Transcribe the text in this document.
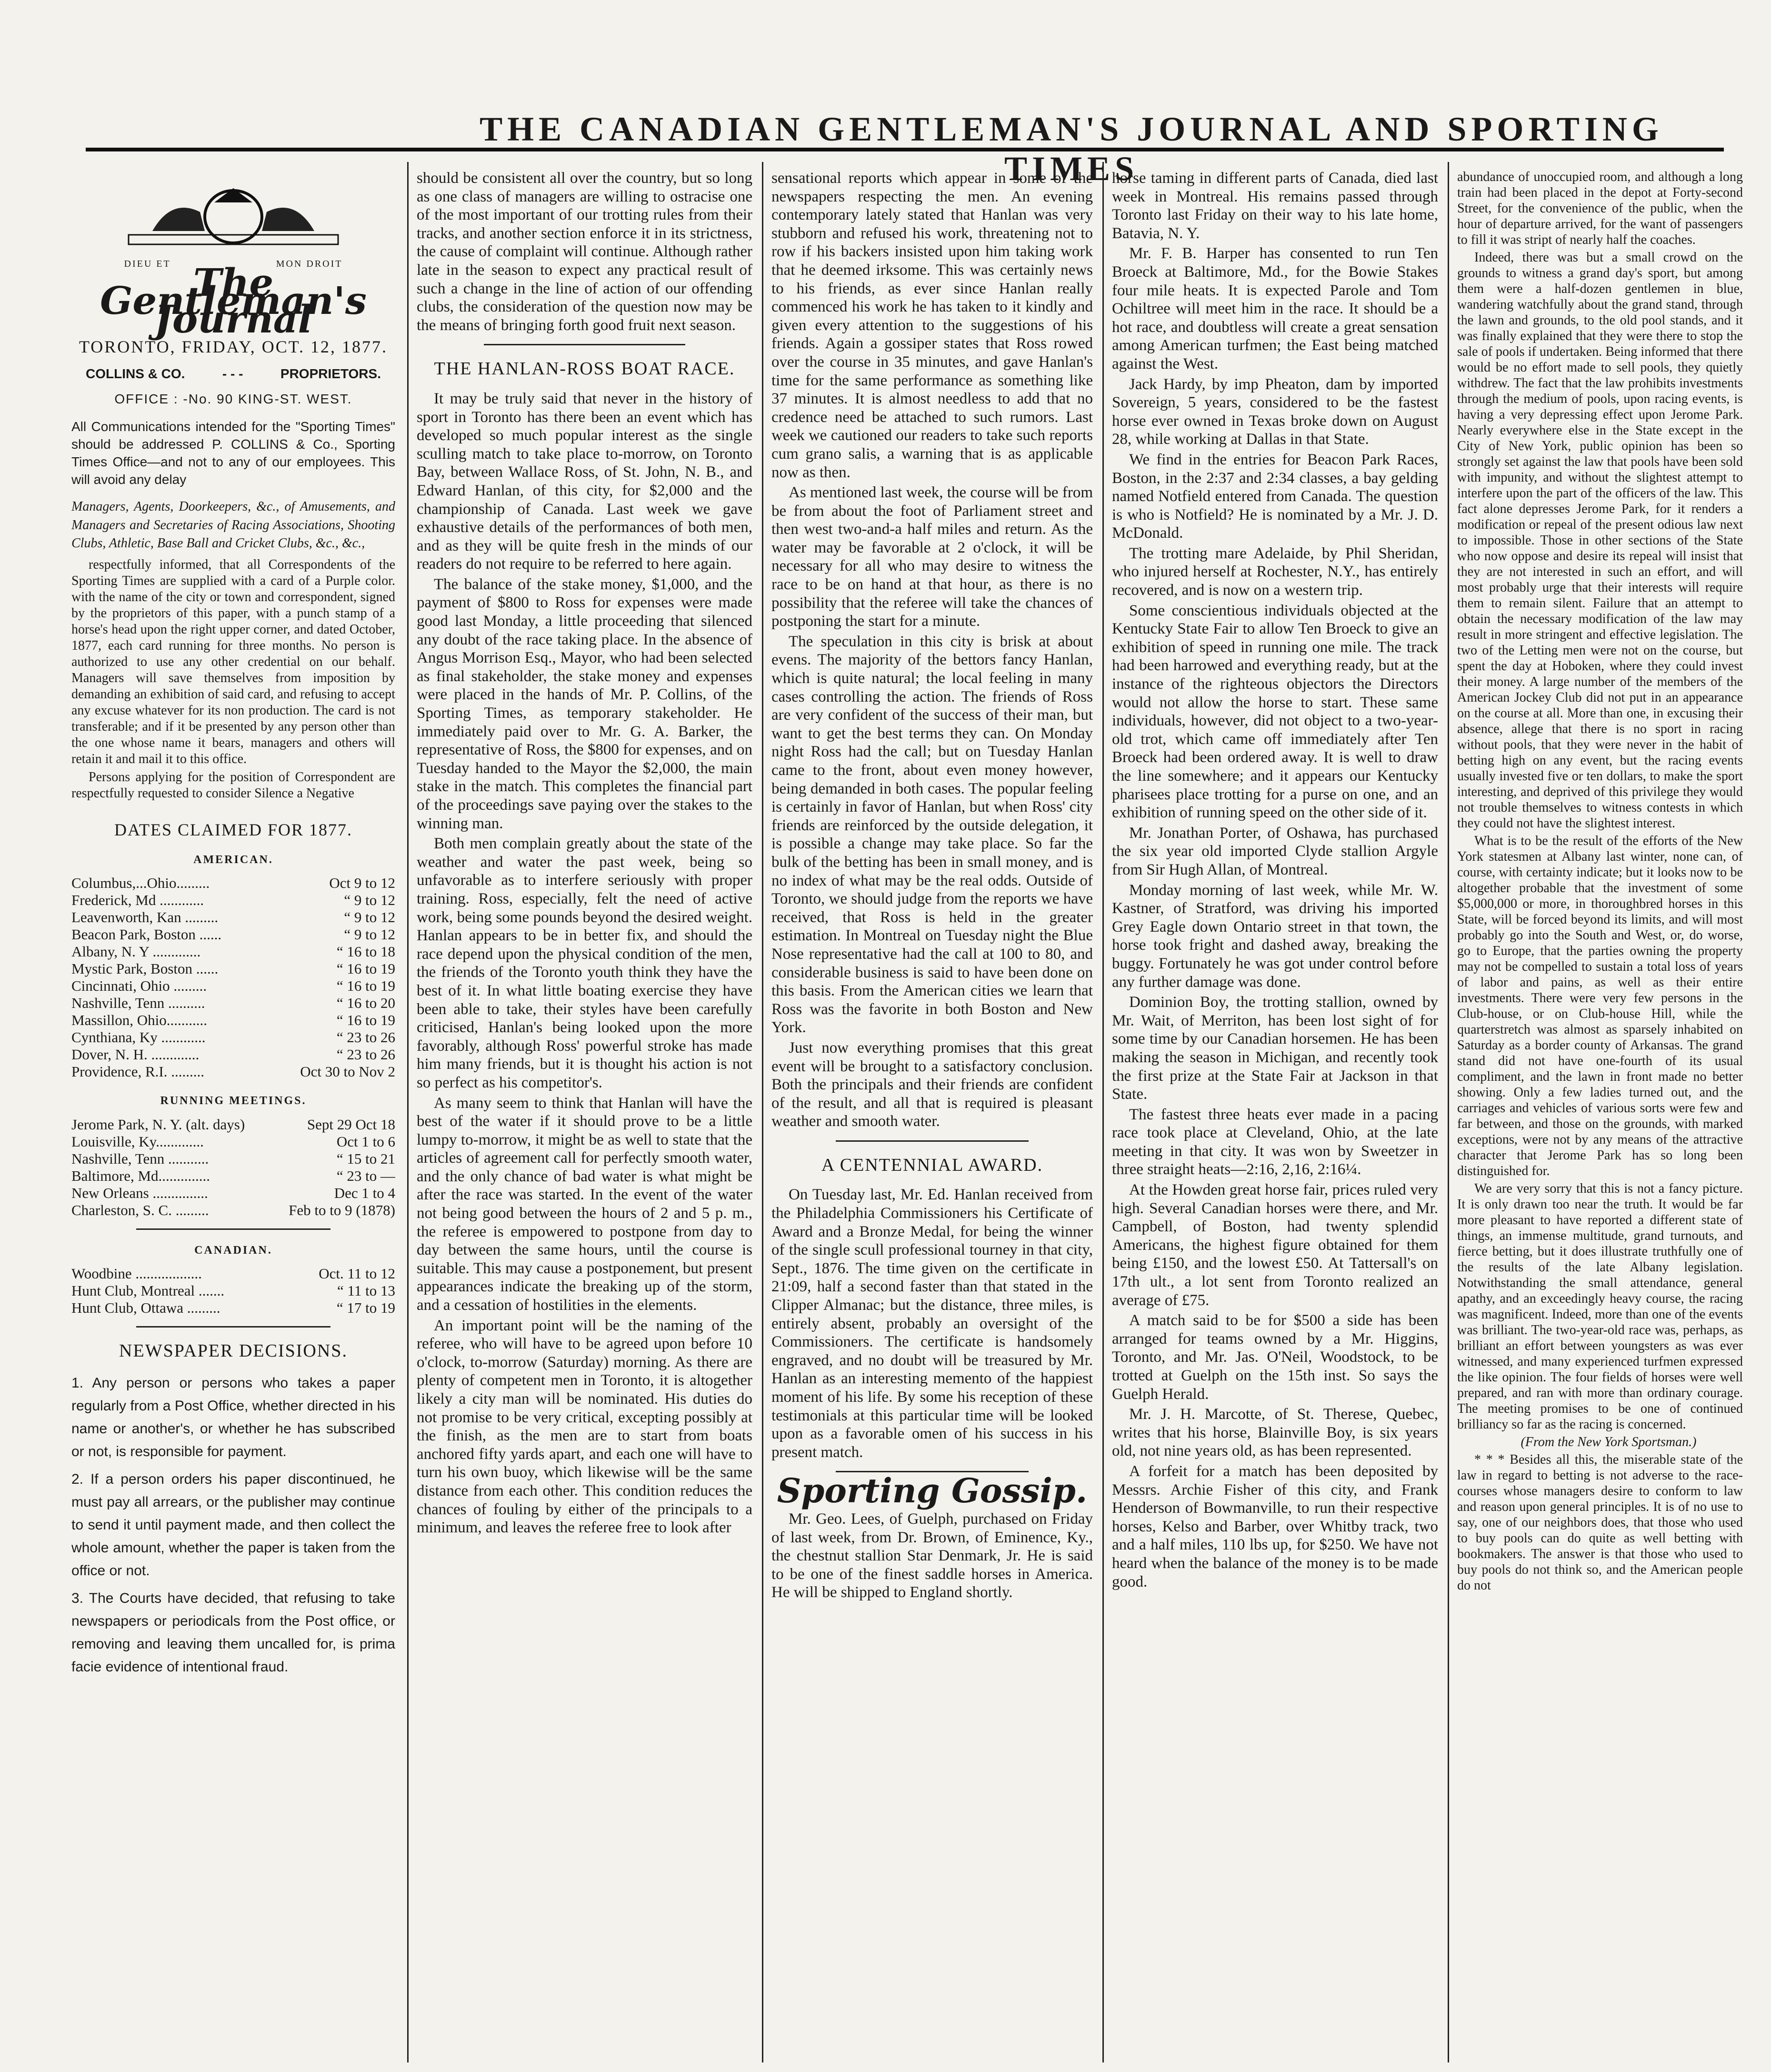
THE CANADIAN GENTLEMAN'S JOURNAL AND SPORTING TIMES
DIEU ET	MON DROIT
The Gentleman's Journal
TORONTO, FRIDAY, OCT. 12, 1877.
COLLINS & CO.	- - -	PROPRIETORS.
OFFICE : -No. 90 KING-ST. WEST.
All Communications intended for the "Sporting Times" should be addressed P. COLLINS & Co., Sporting Times Office—and not to any of our employees. This will avoid any delay
Managers, Agents, Doorkeepers, &c., of Amusements, and Managers and Secretaries of Racing Associations, Shooting Clubs, Athletic, Base Ball and Cricket Clubs, &c., &c.,

respectfully informed, that all Correspondents of the Sporting Times are supplied with a card of a Purple color. with the name of the city or town and correspondent, signed by the proprietors of this paper, with a punch stamp of a horse's head upon the right upper corner, and dated October, 1877, each card running for three months. No person is authorized to use any other credential on our behalf. Managers will save themselves from imposition by demanding an exhibition of said card, and refusing to accept any excuse whatever for its non production. The card is not transferable; and if it be presented by any person other than the one whose name it bears, managers and others will retain it and mail it to this office.

Persons applying for the position of Correspondent are respectfully requested to consider Silence a Negative

DATES CLAIMED FOR 1877.
AMERICAN.
Columbus,...Ohio.........	Oct 9 to 12
Frederick, Md ............	“ 9 to 12
Leavenworth, Kan .........	“ 9 to 12
Beacon Park, Boston ......	“ 9 to 12
Albany, N. Y .............	“ 16 to 18
Mystic Park, Boston ......	“ 16 to 19
Cincinnati, Ohio .........	“ 16 to 19
Nashville, Tenn ..........	“ 16 to 20
Massillon, Ohio...........	“ 16 to 19
Cynthiana, Ky ............	“ 23 to 26
Dover, N. H. .............	“ 23 to 26
Providence, R.I. .........	Oct 30 to Nov 2
RUNNING MEETINGS.
Jerome Park, N. Y. (alt. days)	Sept 29 Oct 18
Louisville, Ky.............	Oct 1 to 6
Nashville, Tenn ...........	“ 15 to 21
Baltimore, Md..............	“ 23 to —
New Orleans ...............	Dec 1 to 4
Charleston, S. C. .........	Feb to to 9 (1878)
CANADIAN.
Woodbine ..................	Oct. 11 to 12
Hunt Club, Montreal .......	“ 11 to 13
Hunt Club, Ottawa .........	“ 17 to 19
NEWSPAPER DECISIONS.
1. Any person or persons who takes a paper regularly from a Post Office, whether directed in his name or another's, or whether he has subscribed or not, is responsible for payment.
2. If a person orders his paper discontinued, he must pay all arrears, or the publisher may continue to send it until payment made, and then collect the whole amount, whether the paper is taken from the office or not.
3. The Courts have decided, that refusing to take newspapers or periodicals from the Post office, or removing and leaving them uncalled for, is prima facie evidence of intentional fraud.

should be consistent all over the country, but so long as one class of managers are willing to ostracise one of the most important of our trotting rules from their tracks, and another section enforce it in its strictness, the cause of complaint will continue. Although rather late in the season to expect any practical result of such a change in the line of action of our offending clubs, the consideration of the question now may be the means of bringing forth good fruit next season.

THE HANLAN-ROSS BOAT RACE.

It may be truly said that never in the history of sport in Toronto has there been an event which has developed so much popular interest as the single sculling match to take place to-morrow, on Toronto Bay, between Wallace Ross, of St. John, N. B., and Edward Hanlan, of this city, for $2,000 and the championship of Canada. Last week we gave exhaustive details of the performances of both men, and as they will be quite fresh in the minds of our readers do not require to be referred to here again.

The balance of the stake money, $1,000, and the payment of $800 to Ross for expenses were made good last Monday, a little proceeding that silenced any doubt of the race taking place. In the absence of Angus Morrison Esq., Mayor, who had been selected as final stakeholder, the stake money and expenses were placed in the hands of Mr. P. Collins, of the Sporting Times, as temporary stakeholder. He immediately paid over to Mr. G. A. Barker, the representative of Ross, the $800 for expenses, and on Tuesday handed to the Mayor the $2,000, the main stake in the match. This completes the financial part of the proceedings save paying over the stakes to the winning man.

Both men complain greatly about the state of the weather and water the past week, being so unfavorable as to interfere seriously with proper training. Ross, especially, felt the need of active work, being some pounds beyond the desired weight. Hanlan appears to be in better fix, and should the race depend upon the physical condition of the men, the friends of the Toronto youth think they have the best of it. In what little boating exercise they have been able to take, their styles have been carefully criticised, Hanlan's being looked upon the more favorably, although Ross' powerful stroke has made him many friends, but it is thought his action is not so perfect as his competitor's.

As many seem to think that Hanlan will have the best of the water if it should prove to be a little lumpy to-morrow, it might be as well to state that the articles of agreement call for perfectly smooth water, and the only chance of bad water is what might be after the race was started. In the event of the water not being good between the hours of 2 and 5 p. m., the referee is empowered to postpone from day to day between the same hours, until the course is suitable. This may cause a postponement, but present appearances indicate the breaking up of the storm, and a cessation of hostilities in the elements.

An important point will be the naming of the referee, who will have to be agreed upon before 10 o'clock, to-morrow (Saturday) morning. As there are plenty of competent men in Toronto, it is altogether likely a city man will be nominated. His duties do not promise to be very critical, excepting possibly at the finish, as the men are to start from boats anchored fifty yards apart, and each one will have to turn his own buoy, which likewise will be the same distance from each other. This condition reduces the chances of fouling by either of the principals to a minimum, and leaves the referee free to look after

sensational reports which appear in some of the newspapers respecting the men. An evening contemporary lately stated that Hanlan was very stubborn and refused his work, threatening not to row if his backers insisted upon him taking work that he deemed irksome. This was certainly news to his friends, as ever since Hanlan really commenced his work he has taken to it kindly and given every attention to the suggestions of his friends. Again a gossiper states that Ross rowed over the course in 35 minutes, and gave Hanlan's time for the same performance as something like 37 minutes. It is almost needless to add that no credence need be attached to such rumors. Last week we cautioned our readers to take such reports cum grano salis, a warning that is as applicable now as then.

As mentioned last week, the course will be from be from about the foot of Parliament street and then west two-and-a half miles and return. As the water may be favorable at 2 o'clock, it will be necessary for all who may desire to witness the race to be on hand at that hour, as there is no possibility that the referee will take the chances of postponing the start for a minute.

The speculation in this city is brisk at about evens. The majority of the bettors fancy Hanlan, which is quite natural; the local feeling in many cases controlling the action. The friends of Ross are very confident of the success of their man, but want to get the best terms they can. On Monday night Ross had the call; but on Tuesday Hanlan came to the front, about even money however, being demanded in both cases. The popular feeling is certainly in favor of Hanlan, but when Ross' city friends are reinforced by the outside delegation, it is possible a change may take place. So far the bulk of the betting has been in small money, and is no index of what may be the real odds. Outside of Toronto, we should judge from the reports we have received, that Ross is held in the greater estimation. In Montreal on Tuesday night the Blue Nose representative had the call at 100 to 80, and considerable business is said to have been done on this basis. From the American cities we learn that Ross was the favorite in both Boston and New York.

Just now everything promises that this great event will be brought to a satisfactory conclusion. Both the principals and their friends are confident of the result, and all that is required is pleasant weather and smooth water.

A CENTENNIAL AWARD.

On Tuesday last, Mr. Ed. Hanlan received from the Philadelphia Commissioners his Certificate of Award and a Bronze Medal, for being the winner of the single scull professional tourney in that city, Sept., 1876. The time given on the certificate in 21:09, half a second faster than that stated in the Clipper Almanac; but the distance, three miles, is entirely absent, probably an oversight of the Commissioners. The certificate is handsomely engraved, and no doubt will be treasured by Mr. Hanlan as an interesting memento of the happiest moment of his life. By some his reception of these testimonials at this particular time will be looked upon as a favorable omen of his success in his present match.

Sporting Gossip.

Mr. Geo. Lees, of Guelph, purchased on Friday of last week, from Dr. Brown, of Eminence, Ky., the chestnut stallion Star Denmark, Jr. He is said to be one of the finest saddle horses in America. He will be shipped to England shortly.

horse taming in different parts of Canada, died last week in Montreal. His remains passed through Toronto last Friday on their way to his late home, Batavia, N. Y.

Mr. F. B. Harper has consented to run Ten Broeck at Baltimore, Md., for the Bowie Stakes four mile heats. It is expected Parole and Tom Ochiltree will meet him in the race. It should be a hot race, and doubtless will create a great sensation among American turfmen; the East being matched against the West.

Jack Hardy, by imp Pheaton, dam by imported Sovereign, 5 years, considered to be the fastest horse ever owned in Texas broke down on August 28, while working at Dallas in that State.

We find in the entries for Beacon Park Races, Boston, in the 2:37 and 2:34 classes, a bay gelding named Notfield entered from Canada. The question is who is Notfield? He is nominated by a Mr. J. D. McDonald.

The trotting mare Adelaide, by Phil Sheridan, who injured herself at Rochester, N.Y., has entirely recovered, and is now on a western trip.

Some conscientious individuals objected at the Kentucky State Fair to allow Ten Broeck to give an exhibition of speed in running one mile. The track had been harrowed and everything ready, but at the instance of the righteous objectors the Directors would not allow the horse to start. These same individuals, however, did not object to a two-year-old trot, which came off immediately after Ten Broeck had been ordered away. It is well to draw the line somewhere; and it appears our Kentucky pharisees place trotting for a purse on one, and an exhibition of running speed on the other side of it.

Mr. Jonathan Porter, of Oshawa, has purchased the six year old imported Clyde stallion Argyle from Sir Hugh Allan, of Montreal.

Monday morning of last week, while Mr. W. Kastner, of Stratford, was driving his imported Grey Eagle down Ontario street in that town, the horse took fright and dashed away, breaking the buggy. Fortunately he was got under control before any further damage was done.

Dominion Boy, the trotting stallion, owned by Mr. Wait, of Merriton, has been lost sight of for some time by our Canadian horsemen. He has been making the season in Michigan, and recently took the first prize at the State Fair at Jackson in that State.

The fastest three heats ever made in a pacing race took place at Cleveland, Ohio, at the late meeting in that city. It was won by Sweetzer in three straight heats—2:16, 2,16, 2:16¼.

At the Howden great horse fair, prices ruled very high. Several Canadian horses were there, and Mr. Campbell, of Boston, had twenty splendid Americans, the highest figure obtained for them being £150, and the lowest £50. At Tattersall's on 17th ult., a lot sent from Toronto realized an average of £75.

A match said to be for $500 a side has been arranged for teams owned by a Mr. Higgins, Toronto, and Mr. Jas. O'Neil, Woodstock, to be trotted at Guelph on the 15th inst. So says the Guelph Herald.

Mr. J. H. Marcotte, of St. Therese, Quebec, writes that his horse, Blainville Boy, is six years old, not nine years old, as has been represented.

A forfeit for a match has been deposited by Messrs. Archie Fisher of this city, and Frank Henderson of Bowmanville, to run their respective horses, Kelso and Barber, over Whitby track, two and a half miles, 110 lbs up, for $250. We have not heard when the balance of the money is to be made good.

abundance of unoccupied room, and although a long train had been placed in the depot at Forty-second Street, for the convenience of the public, when the hour of departure arrived, for the want of passengers to fill it was stript of nearly half the coaches.

Indeed, there was but a small crowd on the grounds to witness a grand day's sport, but among them were a half-dozen gentlemen in blue, wandering watchfully about the grand stand, through the lawn and grounds, to the old pool stands, and it was finally explained that they were there to stop the sale of pools if undertaken. Being informed that there would be no effort made to sell pools, they quietly withdrew. The fact that the law prohibits investments through the medium of pools, upon racing events, is having a very depressing effect upon Jerome Park. Nearly everywhere else in the State except in the City of New York, public opinion has been so strongly set against the law that pools have been sold with impunity, and without the slightest attempt to interfere upon the part of the officers of the law. This fact alone depresses Jerome Park, for it renders a modification or repeal of the present odious law next to impossible. Those in other sections of the State who now oppose and desire its repeal will insist that they are not interested in such an effort, and will most probably urge that their interests will require them to remain silent. Failure that an attempt to obtain the necessary modification of the law may result in more stringent and effective legislation. The two of the Letting men were not on the course, but spent the day at Hoboken, where they could invest their money. A large number of the members of the American Jockey Club did not put in an appearance on the course at all. More than one, in excusing their absence, allege that there is no sport in racing without pools, that they were never in the habit of betting high on any event, but the racing events usually invested five or ten dollars, to make the sport interesting, and deprived of this privilege they would not trouble themselves to witness contests in which they could not have the slightest interest.

What is to be the result of the efforts of the New York statesmen at Albany last winter, none can, of course, with certainty indicate; but it looks now to be altogether probable that the investment of some $5,000,000 or more, in thoroughbred horses in this State, will be forced beyond its limits, and will most probably go into the South and West, or, do worse, go to Europe, that the parties owning the property may not be compelled to sustain a total loss of years of labor and pains, as well as their entire investments. There were very few persons in the Club-house, or on Club-house Hill, while the quarterstretch was almost as sparsely inhabited on Saturday as a border county of Arkansas. The grand stand did not have one-fourth of its usual compliment, and the lawn in front made no better showing. Only a few ladies turned out, and the carriages and vehicles of various sorts were few and far between, and those on the grounds, with marked exceptions, were not by any means of the attractive character that Jerome Park has so long been distinguished for.

We are very sorry that this is not a fancy picture. It is only drawn too near the truth. It would be far more pleasant to have reported a different state of things, an immense multitude, grand turnouts, and fierce betting, but it does illustrate truthfully one of the results of the late Albany legislation. Notwithstanding the small attendance, general apathy, and an exceedingly heavy course, the racing was magnificent. Indeed, more than one of the events was brilliant. The two-year-old race was, perhaps, as brilliant an effort between youngsters as was ever witnessed, and many experienced turfmen expressed the like opinion. The four fields of horses were well prepared, and ran with more than ordinary courage. The meeting promises to be one of continued brilliancy so far as the racing is concerned.

(From the New York Sportsman.)

* * * Besides all this, the miserable state of the law in regard to betting is not adverse to the race-courses whose managers desire to conform to law and reason upon general principles. It is of no use to say, one of our neighbors does, that those who used to buy pools can do quite as well betting with bookmakers. The answer is that those who used to buy pools do not think so, and the American people do not
